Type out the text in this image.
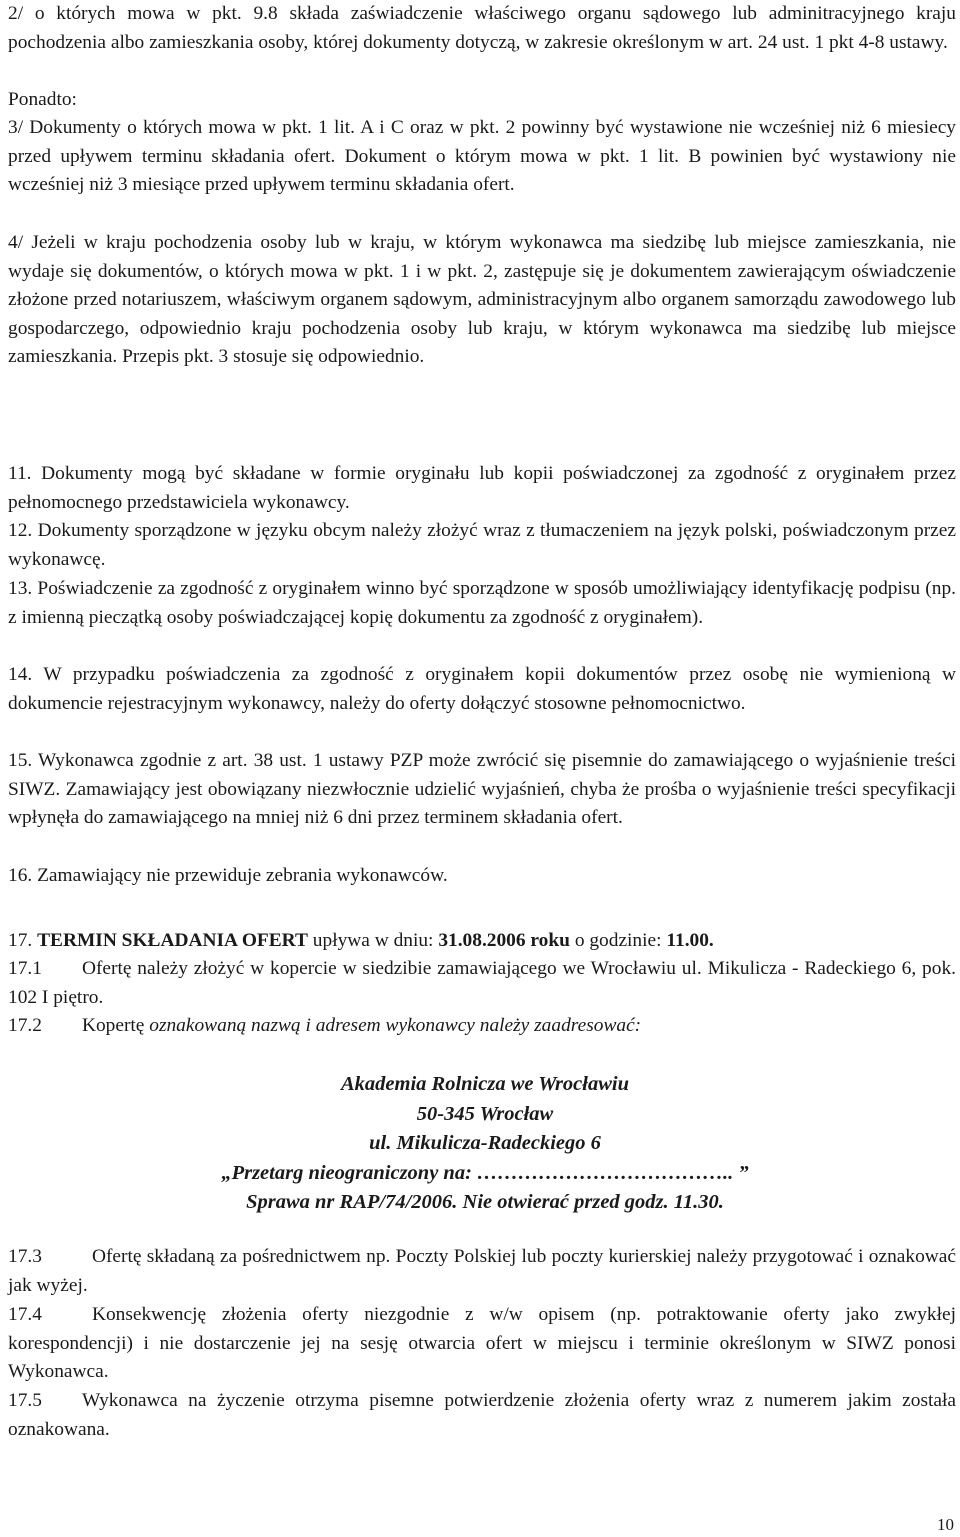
2/ o których mowa w pkt. 9.8 składa zaświadczenie właściwego organu sądowego lub adminitracyjnego kraju pochodzenia albo zamieszkania osoby, której dokumenty dotyczą, w zakresie określonym w art. 24 ust. 1 pkt 4-8 ustawy.

Ponadto:

3/ Dokumenty o których mowa w pkt. 1 lit. A i C oraz w pkt. 2 powinny być wystawione nie wcześniej niż 6 miesiecy przed upływem terminu składania ofert. Dokument o którym mowa w pkt. 1 lit. B powinien być wystawiony nie wcześniej niż 3 miesiące przed upływem terminu składania ofert.

4/ Jeżeli w kraju pochodzenia osoby lub w kraju, w którym wykonawca ma siedzibę lub miejsce zamieszkania, nie wydaje się dokumentów, o których mowa w pkt. 1 i w pkt. 2, zastępuje się je dokumentem zawierającym oświadczenie złożone przed notariuszem, właściwym organem sądowym, administracyjnym albo organem samorządu zawodowego lub gospodarczego, odpowiednio kraju pochodzenia osoby lub kraju, w którym wykonawca ma siedzibę lub miejsce zamieszkania. Przepis pkt. 3 stosuje się odpowiednio.

11. Dokumenty mogą być składane w formie oryginału lub kopii poświadczonej za zgodność z oryginałem przez pełnomocnego przedstawiciela wykonawcy.

12. Dokumenty sporządzone w języku obcym należy złożyć wraz z tłumaczeniem na język polski, poświadczonym przez wykonawcę.

13. Poświadczenie za zgodność z oryginałem winno być sporządzone w sposób umożliwiający identyfikację podpisu (np. z imienną pieczątką osoby poświadczającej kopię dokumentu za zgodność z oryginałem).

14. W przypadku poświadczenia za zgodność z oryginałem kopii dokumentów przez osobę nie wymienioną w dokumencie rejestracyjnym wykonawcy, należy do oferty dołączyć stosowne pełnomocnictwo.

15. Wykonawca zgodnie z art. 38 ust. 1 ustawy PZP może zwrócić się pisemnie do zamawiającego o wyjaśnienie treści SIWZ. Zamawiający jest obowiązany niezwłocznie udzielić wyjaśnień, chyba że prośba o wyjaśnienie treści specyfikacji wpłynęła do zamawiającego na mniej niż 6 dni przez terminem składania ofert.

16. Zamawiający nie przewiduje zebrania wykonawców.

17. TERMIN SKŁADANIA OFERT upływa w dniu: 31.08.2006 roku o godzinie: 11.00.

17.1 Ofertę należy złożyć w kopercie w siedzibie zamawiającego we Wrocławiu ul. Mikulicza - Radeckiego 6, pok. 102 I piętro.

17.2 Kopertę oznakowaną nazwą i adresem wykonawcy należy zaadresować:

Akademia Rolnicza we Wrocławiu

50-345 Wrocław

ul. Mikulicza-Radeckiego 6

„Przetarg nieograniczony na: ……………………………….. ”

Sprawa nr RAP/74/2006. Nie otwierać przed godz. 11.30.

17.3	Ofertę składaną za pośrednictwem np. Poczty Polskiej lub poczty kurierskiej należy przygotować i oznakować jak wyżej.

17.4	Konsekwencję złożenia oferty niezgodnie z w/w opisem (np. potraktowanie oferty jako zwykłej korespondencji) i nie dostarczenie jej na sesję otwarcia ofert w miejscu i terminie określonym w SIWZ ponosi Wykonawca.

17.5 Wykonawca na życzenie otrzyma pisemne potwierdzenie złożenia oferty wraz z numerem jakim została oznakowana.

10
